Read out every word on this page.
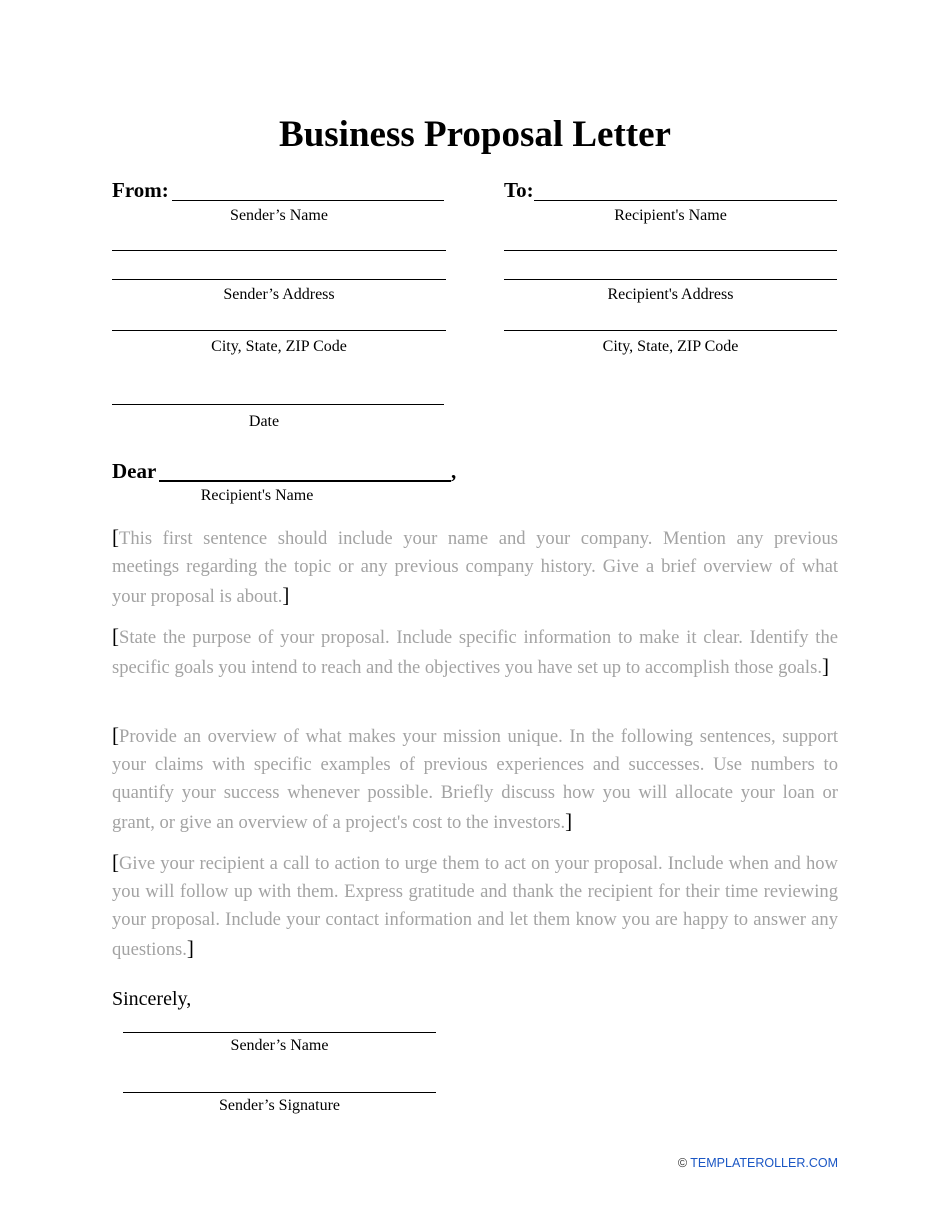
Business Proposal Letter
From:
Sender’s Name
Sender’s Address
City, State, ZIP Code
To:
Recipient's Name
Recipient's Address
City, State, ZIP Code
Date
Dear	,
Recipient's Name
[This first sentence should include your name and your company. Mention any previous meetings regarding the topic or any previous company history. Give a brief overview of what your proposal is about.]
[State the purpose of your proposal. Include specific information to make it clear. Identify the specific goals you intend to reach and the objectives you have set up to accomplish those goals.]
[Provide an overview of what makes your mission unique. In the following sentences, support your claims with specific examples of previous experiences and successes. Use numbers to quantify your success whenever possible. Briefly discuss how you will allocate your loan or grant, or give an overview of a project's cost to the investors.]
[Give your recipient a call to action to urge them to act on your proposal. Include when and how you will follow up with them. Express gratitude and thank the recipient for their time reviewing your proposal. Include your contact information and let them know you are happy to answer any questions.]
Sincerely,
Sender’s Name
Sender’s Signature
© TEMPLATEROLLER.COM
